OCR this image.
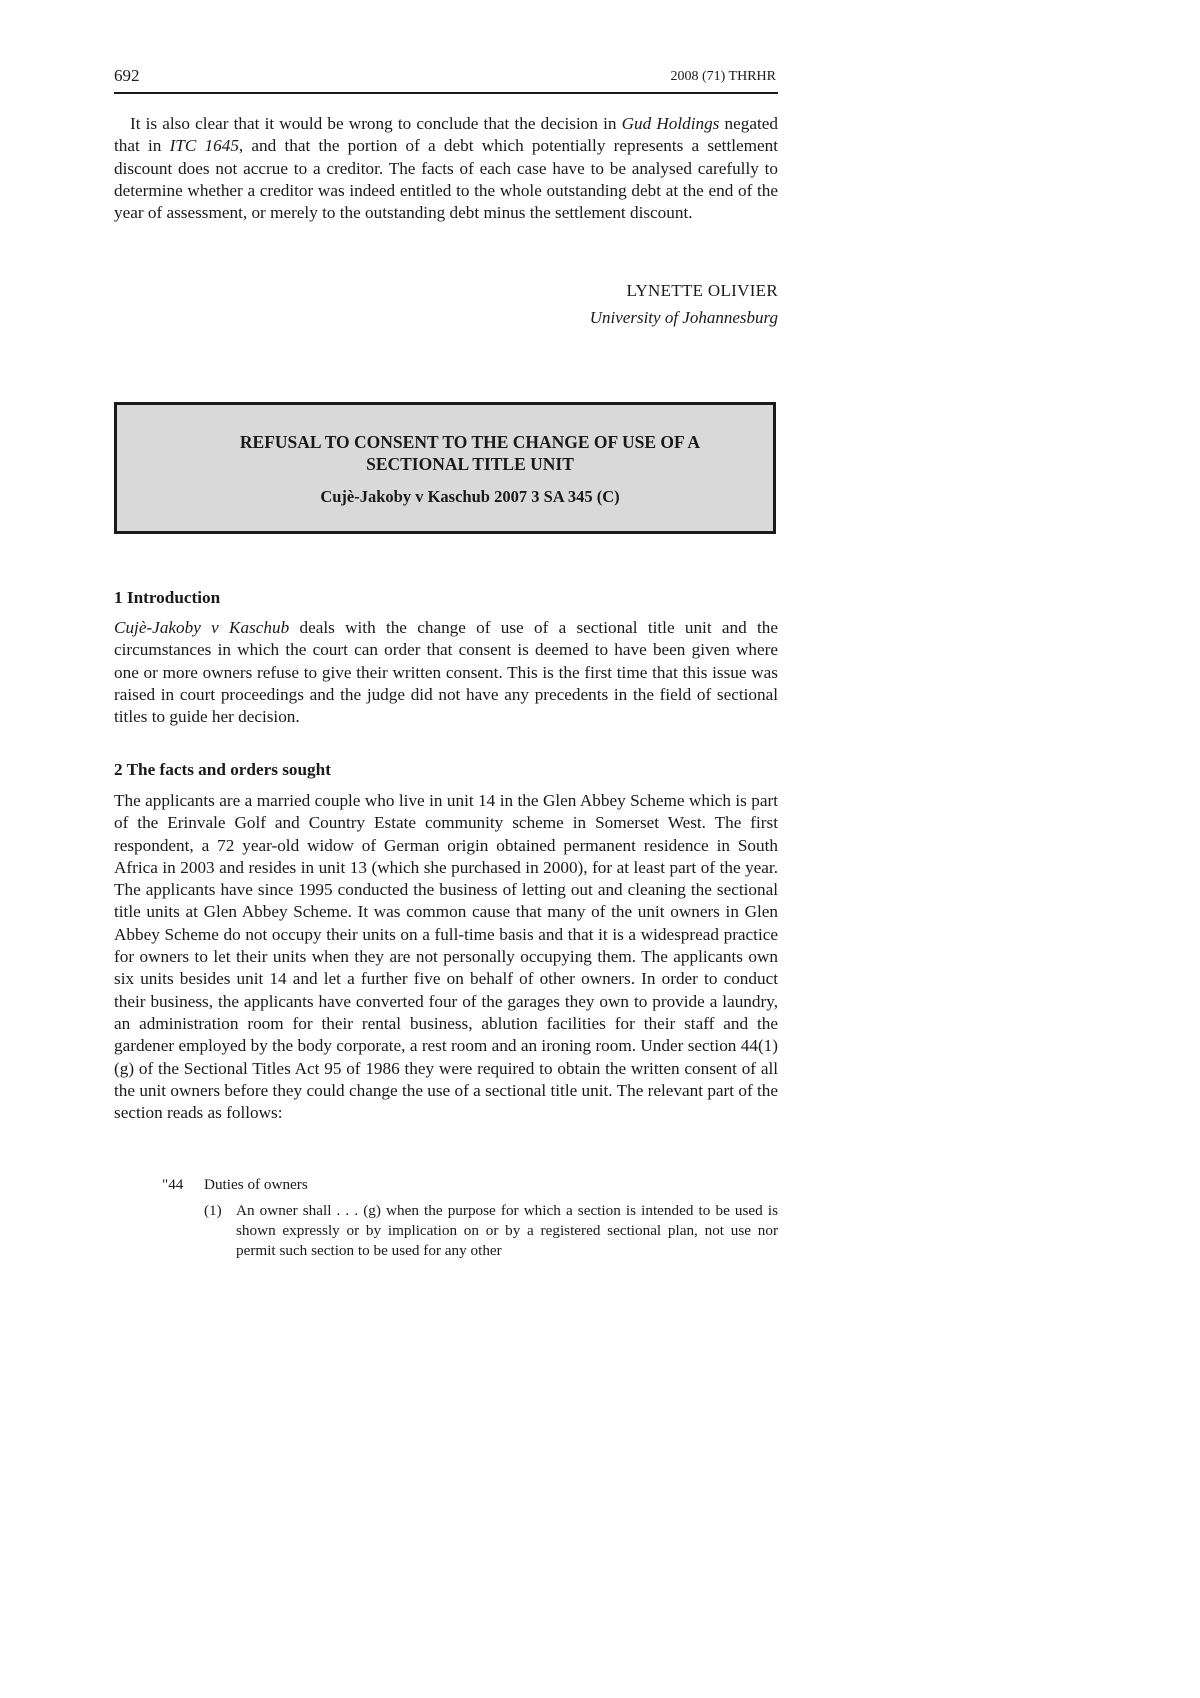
692	2008 (71) THRHR

It is also clear that it would be wrong to conclude that the decision in Gud Holdings negated that in ITC 1645, and that the portion of a debt which potentially represents a settlement discount does not accrue to a creditor. The facts of each case have to be analysed carefully to determine whether a creditor was indeed entitled to the whole outstanding debt at the end of the year of assessment, or merely to the outstanding debt minus the settlement discount.

LYNETTE OLIVIER
University of Johannesburg
REFUSAL TO CONSENT TO THE CHANGE OF USE OF A
SECTIONAL TITLE UNIT
Cujè-Jakoby v Kaschub 2007 3 SA 345 (C)
1 Introduction

Cujè-Jakoby v Kaschub deals with the change of use of a sectional title unit and the circumstances in which the court can order that consent is deemed to have been given where one or more owners refuse to give their written consent. This is the first time that this issue was raised in court proceedings and the judge did not have any precedents in the field of sectional titles to guide her decision.

2 The facts and orders sought

The applicants are a married couple who live in unit 14 in the Glen Abbey Scheme which is part of the Erinvale Golf and Country Estate community scheme in Somerset West. The first respondent, a 72 year-old widow of German origin obtained permanent residence in South Africa in 2003 and resides in unit 13 (which she purchased in 2000), for at least part of the year. The applicants have since 1995 conducted the business of letting out and cleaning the sectional title units at Glen Abbey Scheme. It was common cause that many of the unit owners in Glen Abbey Scheme do not occupy their units on a full-time basis and that it is a widespread practice for owners to let their units when they are not personally occupying them. The applicants own six units besides unit 14 and let a further five on behalf of other owners. In order to conduct their business, the applicants have converted four of the garages they own to provide a laundry, an administration room for their rental business, ablution facilities for their staff and the gardener employed by the body corporate, a rest room and an ironing room. Under section 44(1)(g) of the Sectional Titles Act 95 of 1986 they were required to obtain the written consent of all the unit owners before they could change the use of a sectional title unit. The relevant part of the section reads as follows:

"44 Duties of owners
(1) An owner shall . . . (g) when the purpose for which a section is intended to be used is shown expressly or by implication on or by a registered sectional plan, not use nor permit such section to be used for any other
